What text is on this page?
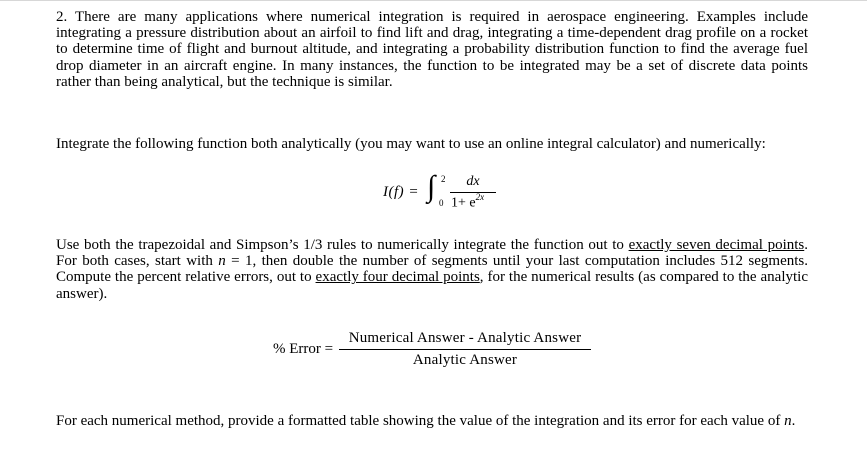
2. There are many applications where numerical integration is required in aerospace engineering. Examples include integrating a pressure distribution about an airfoil to find lift and drag, integrating a time-dependent drag profile on a rocket to determine time of flight and burnout altitude, and integrating a probability distribution function to find the average fuel drop diameter in an aircraft engine. In many instances, the function to be integrated may be a set of discrete data points rather than being analytical, but the technique is similar.

Integrate the following function both analytically (you may want to use an online integral calculator) and numerically:

I(f) = ∫ 2
0
dx
$1+ e^{2x}$

Use both the trapezoidal and Simpson’s 1/3 rules to numerically integrate the function out to exactly seven decimal points. For both cases, start with n = 1, then double the number of segments until your last computation includes 512 segments. Compute the percent relative errors, out to exactly four decimal points, for the numerical results (as compared to the analytic answer).

% Error =
Numerical Answer - Analytic Answer
Analytic Answer

For each numerical method, provide a formatted table showing the value of the integration and its error for each value of n.
